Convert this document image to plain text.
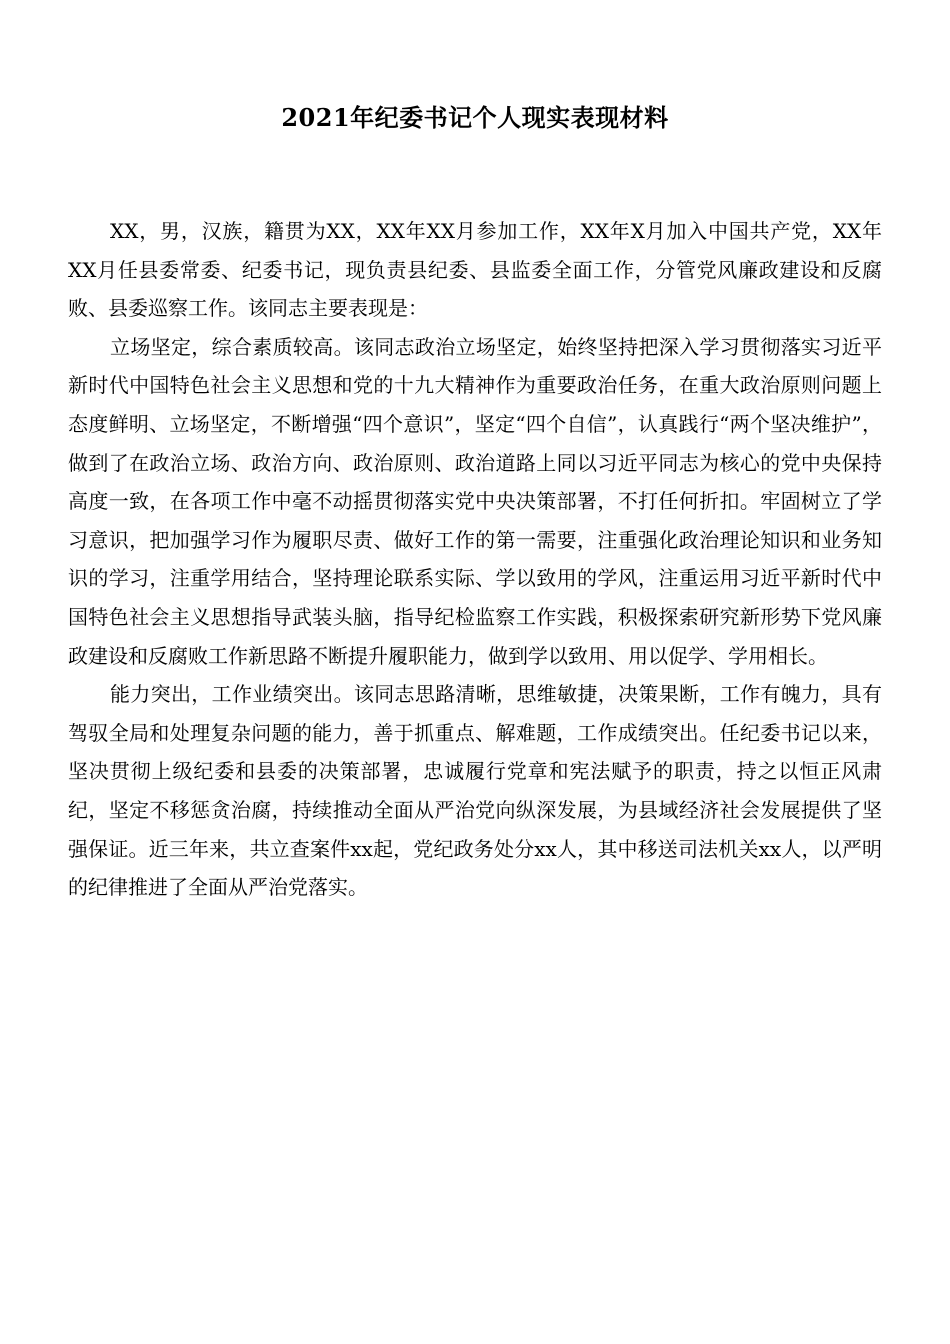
2021年纪委书记个人现实表现材料

XX，男，汉族，籍贯为XX，XX年XX月参加工作，XX年X月加入中国共产党，XX年XX月任县委常委、纪委书记，现负责县纪委、县监委全面工作，分管党风廉政建设和反腐败、县委巡察工作。该同志主要表现是：

立场坚定，综合素质较高。该同志政治立场坚定，始终坚持把深入学习贯彻落实习近平新时代中国特色社会主义思想和党的十九大精神作为重要政治任务，在重大政治原则问题上态度鲜明、立场坚定，不断增强“四个意识”，坚定“四个自信”，认真践行“两个坚决维护”，做到了在政治立场、政治方向、政治原则、政治道路上同以习近平同志为核心的党中央保持高度一致，在各项工作中毫不动摇贯彻落实党中央决策部署，不打任何折扣。牢固树立了学习意识，把加强学习作为履职尽责、做好工作的第一需要，注重强化政治理论知识和业务知识的学习，注重学用结合，坚持理论联系实际、学以致用的学风，注重运用习近平新时代中国特色社会主义思想指导武装头脑，指导纪检监察工作实践，积极探索研究新形势下党风廉政建设和反腐败工作新思路不断提升履职能力，做到学以致用、用以促学、学用相长。

能力突出，工作业绩突出。该同志思路清晰，思维敏捷，决策果断，工作有魄力，具有驾驭全局和处理复杂问题的能力，善于抓重点、解难题，工作成绩突出。任纪委书记以来，坚决贯彻上级纪委和县委的决策部署，忠诚履行党章和宪法赋予的职责，持之以恒正风肃纪，坚定不移惩贪治腐，持续推动全面从严治党向纵深发展，为县域经济社会发展提供了坚强保证。近三年来，共立查案件xx起，党纪政务处分xx人，其中移送司法机关xx人，以严明的纪律推进了全面从严治党落实。
